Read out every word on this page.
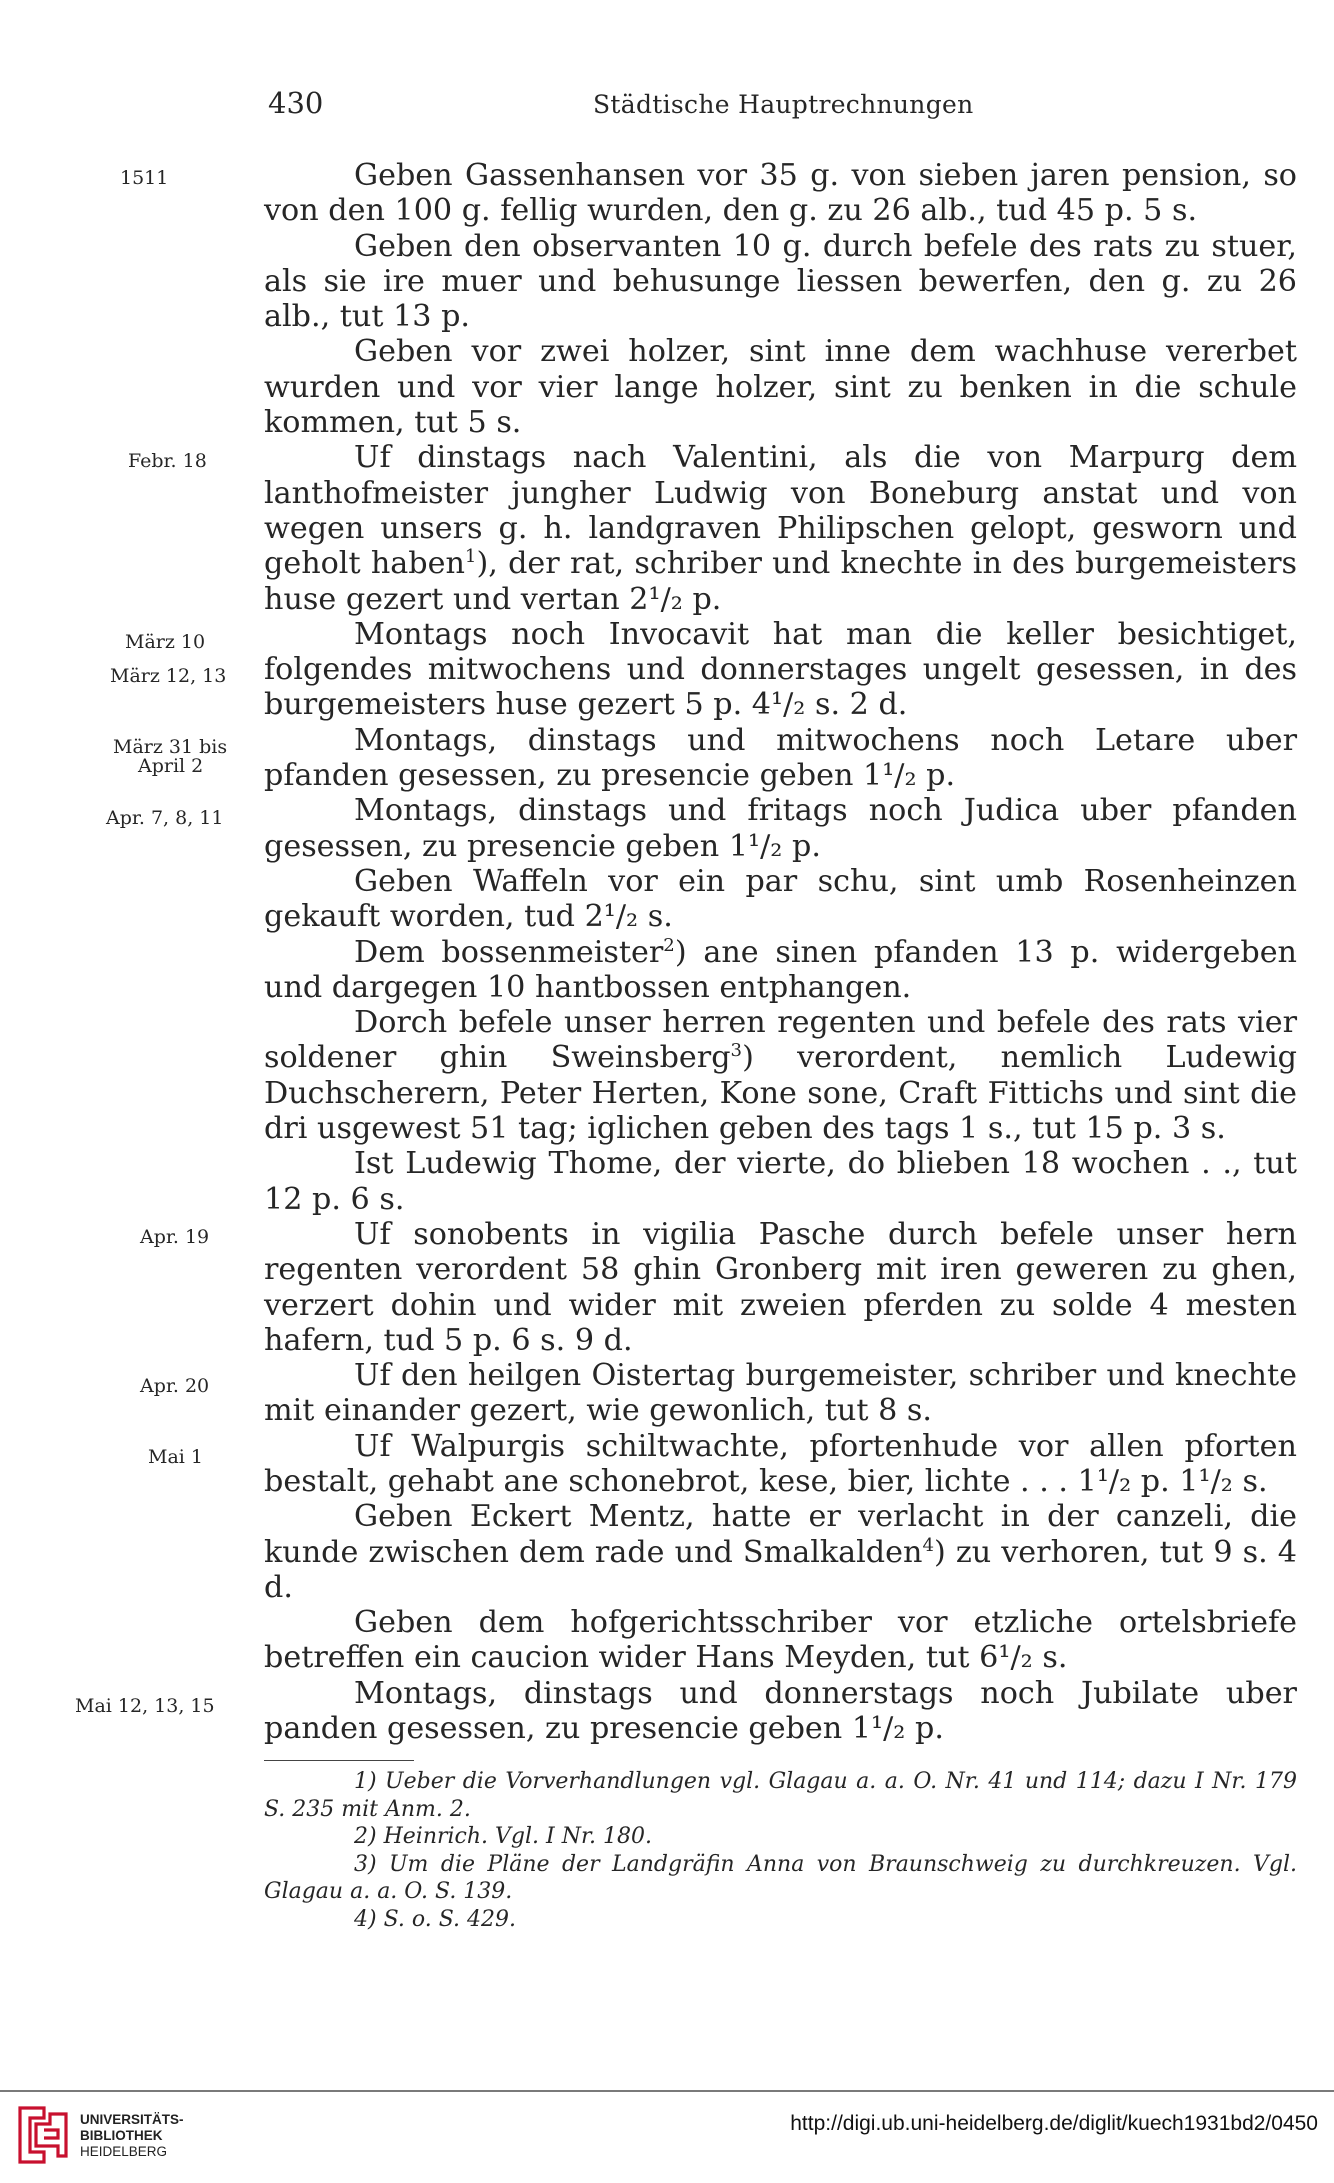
430	Städtische Hauptrechnungen
1511
Febr. 18
März 10
März 12, 13
März 31 bis
April 2
Apr. 7, 8, 11
Apr. 19
Apr. 20
Mai 1
Mai 12, 13, 15

Geben Gassenhansen vor 35 g. von sieben jaren pension, so von den 100 g. fellig wurden, den g. zu 26 alb., tud 45 p. 5 s.

Geben den observanten 10 g. durch befele des rats zu stuer, als sie ire muer und behusunge liessen bewerfen, den g. zu 26 alb., tut 13 p.

Geben vor zwei holzer, sint inne dem wachhuse vererbet wurden und vor vier lange holzer, sint zu benken in die schule kommen, tut 5 s.

Uf dinstags nach Valentini, als die von Marpurg dem lanthofmeister jungher Ludwig von Boneburg anstat und von wegen unsers g. h. landgraven Philipschen gelopt, gesworn und geholt haben$^1$), der rat, schriber und knechte in des burgemeisters huse gezert und vertan 2¹/₂ p.

Montags noch Invocavit hat man die keller besichtiget, folgendes mitwochens und donnerstages ungelt gesessen, in des burgemeisters huse gezert 5 p. 4¹/₂ s. 2 d.

Montags, dinstags und mitwochens noch Letare uber pfanden gesessen, zu presencie geben 1¹/₂ p.

Montags, dinstags und fritags noch Judica uber pfanden gesessen, zu presencie geben 1¹/₂ p.

Geben Waffeln vor ein par schu, sint umb Rosenheinzen gekauft worden, tud 2¹/₂ s.

Dem bossenmeister$^2$) ane sinen pfanden 13 p. widergeben und dargegen 10 hantbossen entphangen.

Dorch befele unser herren regenten und befele des rats vier soldener ghin Sweinsberg$^3$) verordent, nemlich Ludewig Duchscherern, Peter Herten, Kone sone, Craft Fittichs und sint die dri usgewest 51 tag; iglichen geben des tags 1 s., tut 15 p. 3 s.

Ist Ludewig Thome, der vierte, do blieben 18 wochen . ., tut 12 p. 6 s.

Uf sonobents in vigilia Pasche durch befele unser hern regenten verordent 58 ghin Gronberg mit iren geweren zu ghen, verzert dohin und wider mit zweien pferden zu solde 4 mesten hafern, tud 5 p. 6 s. 9 d.

Uf den heilgen Oistertag burgemeister, schriber und knechte mit einander gezert, wie gewonlich, tut 8 s.

Uf Walpurgis schiltwachte, pfortenhude vor allen pforten bestalt, gehabt ane schonebrot, kese, bier, lichte . . . 1¹/₂ p. 1¹/₂ s.

Geben Eckert Mentz, hatte er verlacht in der canzeli, die kunde zwischen dem rade und Smalkalden$^4$) zu verhoren, tut 9 s. 4 d.

Geben dem hofgerichtsschriber vor etzliche ortelsbriefe betreffen ein caucion wider Hans Meyden, tut 6¹/₂ s.

Montags, dinstags und donnerstags noch Jubilate uber panden gesessen, zu presencie geben 1¹/₂ p.

1) Ueber die Vorverhandlungen vgl. Glagau a. a. O. Nr. 41 und 114; dazu I Nr. 179 S. 235 mit Anm. 2.

2) Heinrich. Vgl. I Nr. 180.

3) Um die Pläne der Landgräfin Anna von Braunschweig zu durchkreuzen. Vgl. Glagau a. a. O. S. 139.

4) S. o. S. 429.

UNIVERSITÄTS-
BIBLIOTHEK
HEIDELBERG
http://digi.ub.uni-heidelberg.de/diglit/kuech1931bd2/0450
